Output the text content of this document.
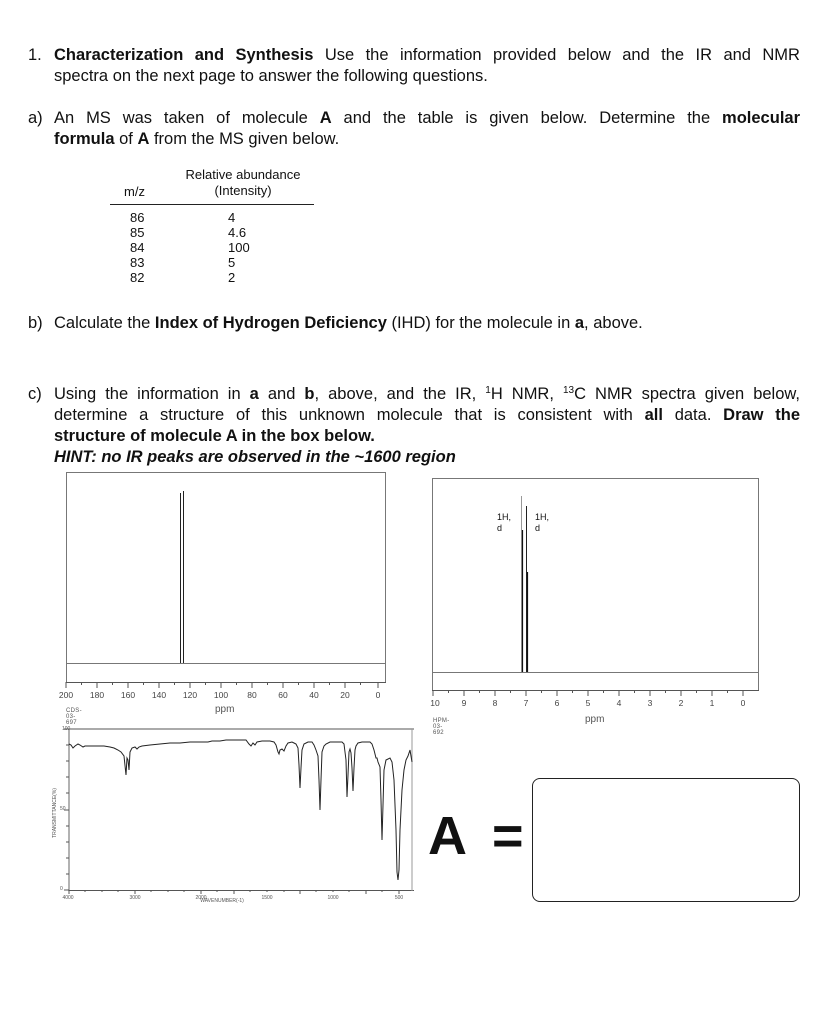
1. Characterization and Synthesis Use the information provided below and the IR and NMR
spectra on the next page to answer the following questions.
a) An MS was taken of molecule A and the table is given below. Determine the molecular
formula of A from the MS given below.
Relative abundance
(Intensity)
m/z
86	4
85	4.6
84	100
83	5
82	2
b) Calculate the Index of Hydrogen Deficiency (IHD) for the molecule in a, above.
c) Using the information in a and b, above, and the IR, $^1$H NMR, $^{13}$C NMR spectra given below,
determine a structure of this unknown molecule that is consistent with all data. Draw the
structure of molecule A in the box below.
HINT: no IR peaks are observed in the ~1600 region
200 180 160 140 120 100 80	60	40	20	0
CDS-03-697
ppm
1H,
d
1H,
d
10	9	8	7	6	5	4	3	2	1	0
HPM-03-692
ppm
100
50
0
4000	3000	2000	1500	1000	500
WAVENUMBER(-1)
TRANSMITTANCE(%)	A =
